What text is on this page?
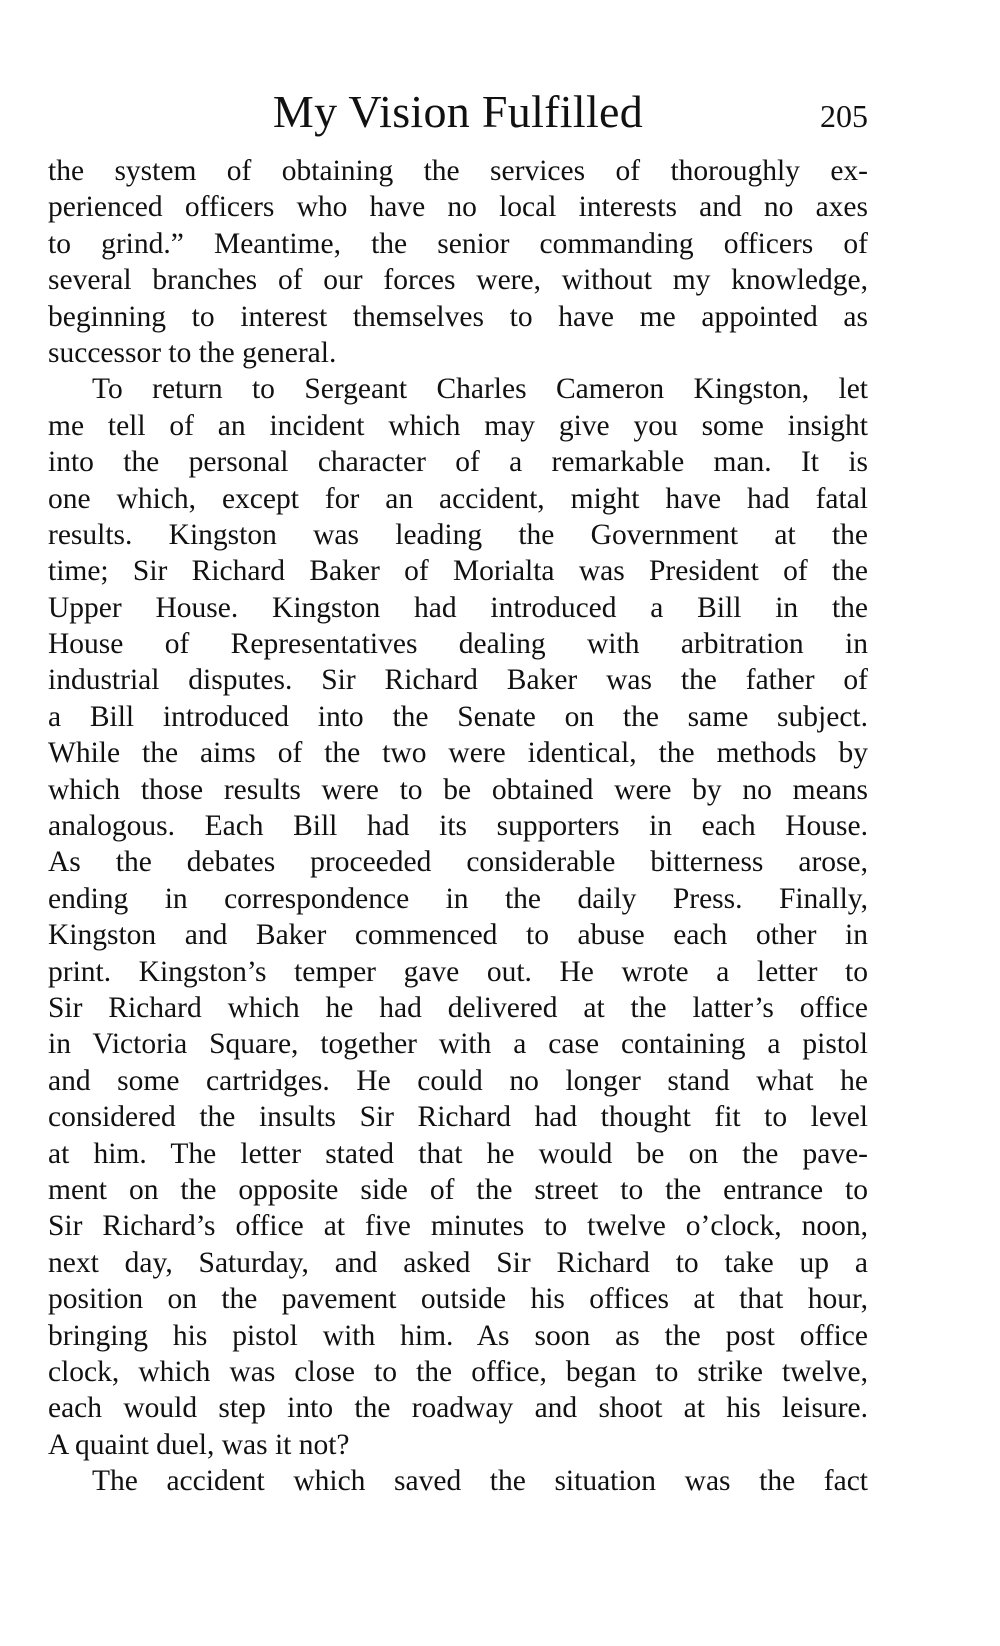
My Vision Fulfilled	205
the system of obtaining the services of thoroughly ex-
perienced officers who have no local interests and no axes
to grind.” Meantime, the senior commanding officers of
several branches of our forces were, without my knowledge,
beginning to interest themselves to have me appointed as
successor to the general.
To return to Sergeant Charles Cameron Kingston, let
me tell of an incident which may give you some insight
into the personal character of a remarkable man. It is
one which, except for an accident, might have had fatal
results. Kingston was leading the Government at the
time; Sir Richard Baker of Morialta was President of the
Upper House. Kingston had introduced a Bill in the
House of Representatives dealing with arbitration in
industrial disputes. Sir Richard Baker was the father of
a Bill introduced into the Senate on the same subject.
While the aims of the two were identical, the methods by
which those results were to be obtained were by no means
analogous. Each Bill had its supporters in each House.
As the debates proceeded considerable bitterness arose,
ending in correspondence in the daily Press. Finally,
Kingston and Baker commenced to abuse each other in
print. Kingston’s temper gave out. He wrote a letter to
Sir Richard which he had delivered at the latter’s office
in Victoria Square, together with a case containing a pistol
and some cartridges. He could no longer stand what he
considered the insults Sir Richard had thought fit to level
at him. The letter stated that he would be on the pave-
ment on the opposite side of the street to the entrance to
Sir Richard’s office at five minutes to twelve o’clock, noon,
next day, Saturday, and asked Sir Richard to take up a
position on the pavement outside his offices at that hour,
bringing his pistol with him. As soon as the post office
clock, which was close to the office, began to strike twelve,
each would step into the roadway and shoot at his leisure.
A quaint duel, was it not?
The accident which saved the situation was the fact
